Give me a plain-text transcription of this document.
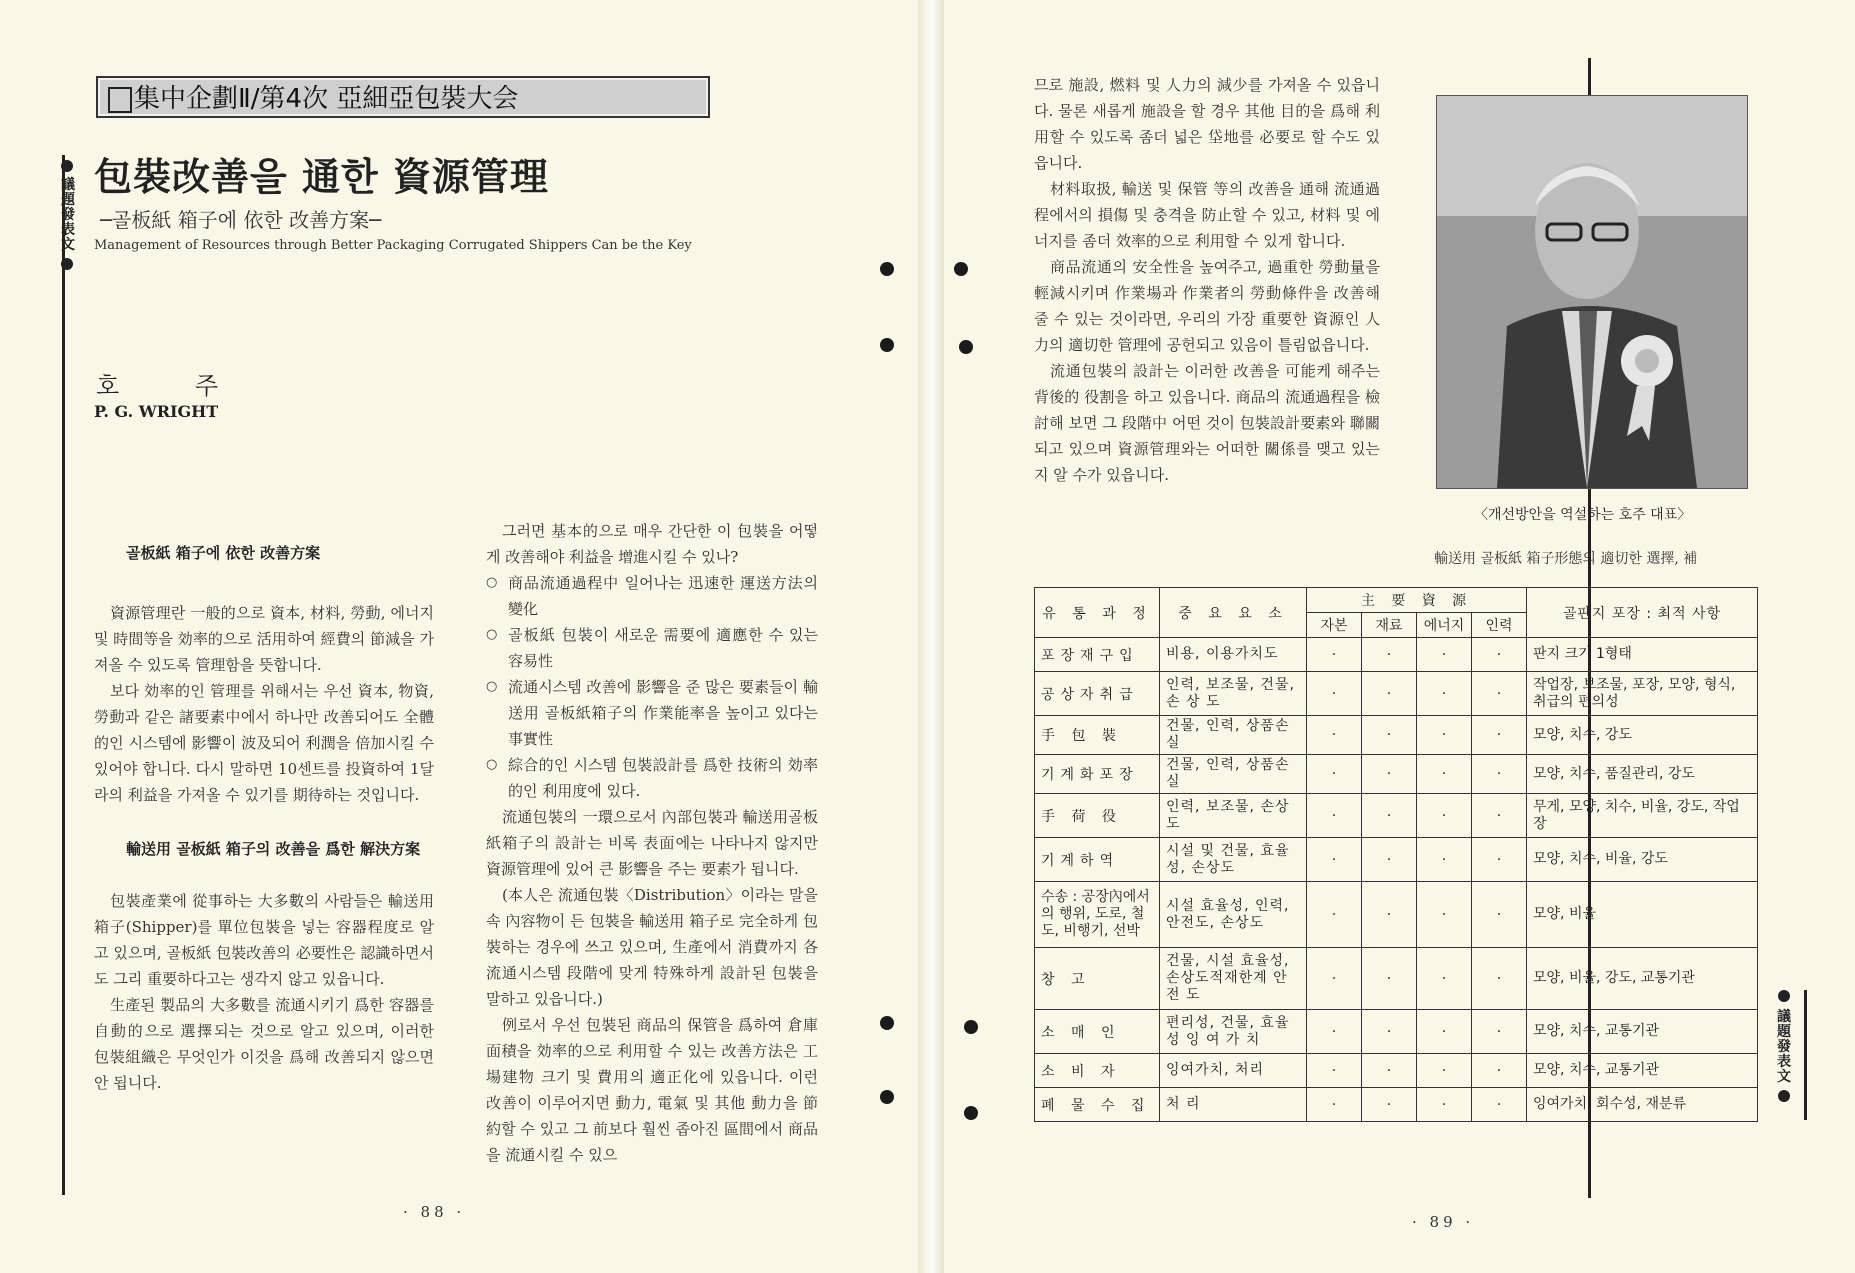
集中企劃Ⅱ/第4次 亞細亞包裝大会
議題發表文
包裝改善을 通한 資源管理
─골板紙 箱子에 依한 改善方案─
Management of Resources through Better Packaging Corrugated Shippers Can be the Key
호 주
P. G. WRIGHT
골板紙 箱子에 依한 改善方案

資源管理란 一般的으로 資本, 材料, 勞動, 에너지 및 時間等을 効率的으로 活用하여 經費의 節減을 가져올 수 있도록 管理함을 뜻합니다.

보다 効率的인 管理를 위해서는 우선 資本, 物資, 勞動과 같은 諸要素中에서 하나만 改善되어도 全體的인 시스템에 影響이 波及되어 利潤을 倍加시킬 수 있어야 합니다. 다시 말하면 10센트를 投資하여 1달라의 利益을 가져올 수 있기를 期待하는 것입니다.

輸送用 골板紙 箱子의 改善을 爲한 解決方案

包裝產業에 從事하는 大多數의 사람들은 輸送用箱子(Shipper)를 單位包裝을 넣는 容器程度로 알고 있으며, 골板紙 包裝改善의 必要性은 認識하면서도 그리 重要하다고는 생각지 않고 있읍니다.

生產된 製品의 大多數를 流通시키기 爲한 容器를 自動的으로 選擇되는 것으로 알고 있으며, 이러한 包裝組織은 무엇인가 이것을 爲해 改善되지 않으면 안 됩니다.

그러면 基本的으로 매우 간단한 이 包裝을 어떻게 改善해야 利益을 增進시킬 수 있나?

○ 商品流通過程中 일어나는 迅速한 運送方法의 變化
○ 골板紙 包裝이 새로운 需要에 適應한 수 있는 容易性
○ 流通시스템 改善에 影響을 준 많은 要素들이 輸送用 골板紙箱子의 作業能率을 높이고 있다는 事實性
○ 綜合的인 시스템 包裝設計를 爲한 技術의 効率的인 利用度에 있다.

流通包裝의 一環으로서 內部包裝과 輸送用골板紙箱子의 設計는 비록 表面에는 나타나지 않지만 資源管理에 있어 큰 影響을 주는 要素가 됩니다.

(本人은 流通包裝〈Distribution〉이라는 말을 속 內容物이 든 包裝을 輸送用 箱子로 完全하게 包裝하는 경우에 쓰고 있으며, 生產에서 消費까지 各 流通시스템 段階에 맞게 特殊하게 設計된 包裝을 말하고 있읍니다.)

例로서 우선 包裝된 商品의 保管을 爲하여 倉庫面積을 効率的으로 利用할 수 있는 改善方法은 工場建物 크기 및 費用의 適正化에 있읍니다. 이런 改善이 이루어지면 動力, 電氣 및 其他 動力을 節約할 수 있고 그 前보다 훨씬 좁아진 區間에서 商品을 流通시킬 수 있으

· 88 ·
議題發表文

므로 施設, 燃料 및 人力의 減少를 가져올 수 있읍니다. 물론 새롭게 施設을 할 경우 其他 目的을 爲해 利用할 수 있도록 좀더 넓은 垈地를 必要로 할 수도 있읍니다.

材料取扱, 輸送 및 保管 等의 改善을 通해 流通過程에서의 損傷 및 충격을 防止할 수 있고, 材料 및 에너지를 좀더 效率的으로 利用할 수 있게 합니다.

商品流通의 安全性을 높여주고, 過重한 勞動量을 輕減시키며 作業場과 作業者의 勞動條件을 改善해 줄 수 있는 것이라면, 우리의 가장 重要한 資源인 人力의 適切한 管理에 공헌되고 있음이 틀림없읍니다.

流通包裝의 設計는 이러한 改善을 可能케 해주는 背後的 役割을 하고 있읍니다. 商品의 流通過程을 檢討해 보면 그 段階中 어떤 것이 包裝設計要素와 聯關되고 있으며 資源管理와는 어떠한 關係를 맺고 있는지 알 수가 있읍니다.

〈개선방안을 역설하는 호주 대표〉
輸送用 골板紙 箱子形態의 適切한 選擇, 補
유 통 과 정	중 요 요 소	主 要 資 源				골판지 포장 : 최적 사항
		자본	재료	에너지	인력	
포장재구입	비용, 이용가치도	·	·	·	·	판지 크기 1형태
공상자취급	인력, 보조물, 건물, 손 상 도	·	·	·	·	작업장, 보조물, 포장, 모양, 형식, 취급의 편의성
手 包 裝	건물, 인력, 상품손실	·	·	·	·	모양, 치수, 강도
기계화포장	건물, 인력, 상품손실	·	·	·	·	모양, 치수, 품질관리, 강도
手 荷 役	인력, 보조물, 손상도	·	·	·	·	무게, 모양, 치수, 비율, 강도, 작업장
기계하역	시설 및 건물, 효율성, 손상도	·	·	·	·	모양, 치수, 비율, 강도
수송 : 공장內에서의 행위, 도로, 철도, 비행기, 선박	시설 효율성, 인력, 안전도, 손상도	·	·	·	·	모양, 비율
창 고	건물, 시설 효율성, 손상도적재한계 안 전 도	·	·	·	·	모양, 비율, 강도, 교통기관
소 매 인	편리성, 건물, 효율성 잉 여 가 치	·	·	·	·	모양, 치수, 교통기관
소 비 자	잉여가치, 처리	·	·	·	·	모양, 치수, 교통기관
폐 물 수 집	처 리	·	·	·	·	잉여가치, 회수성, 재분류
· 89 ·
